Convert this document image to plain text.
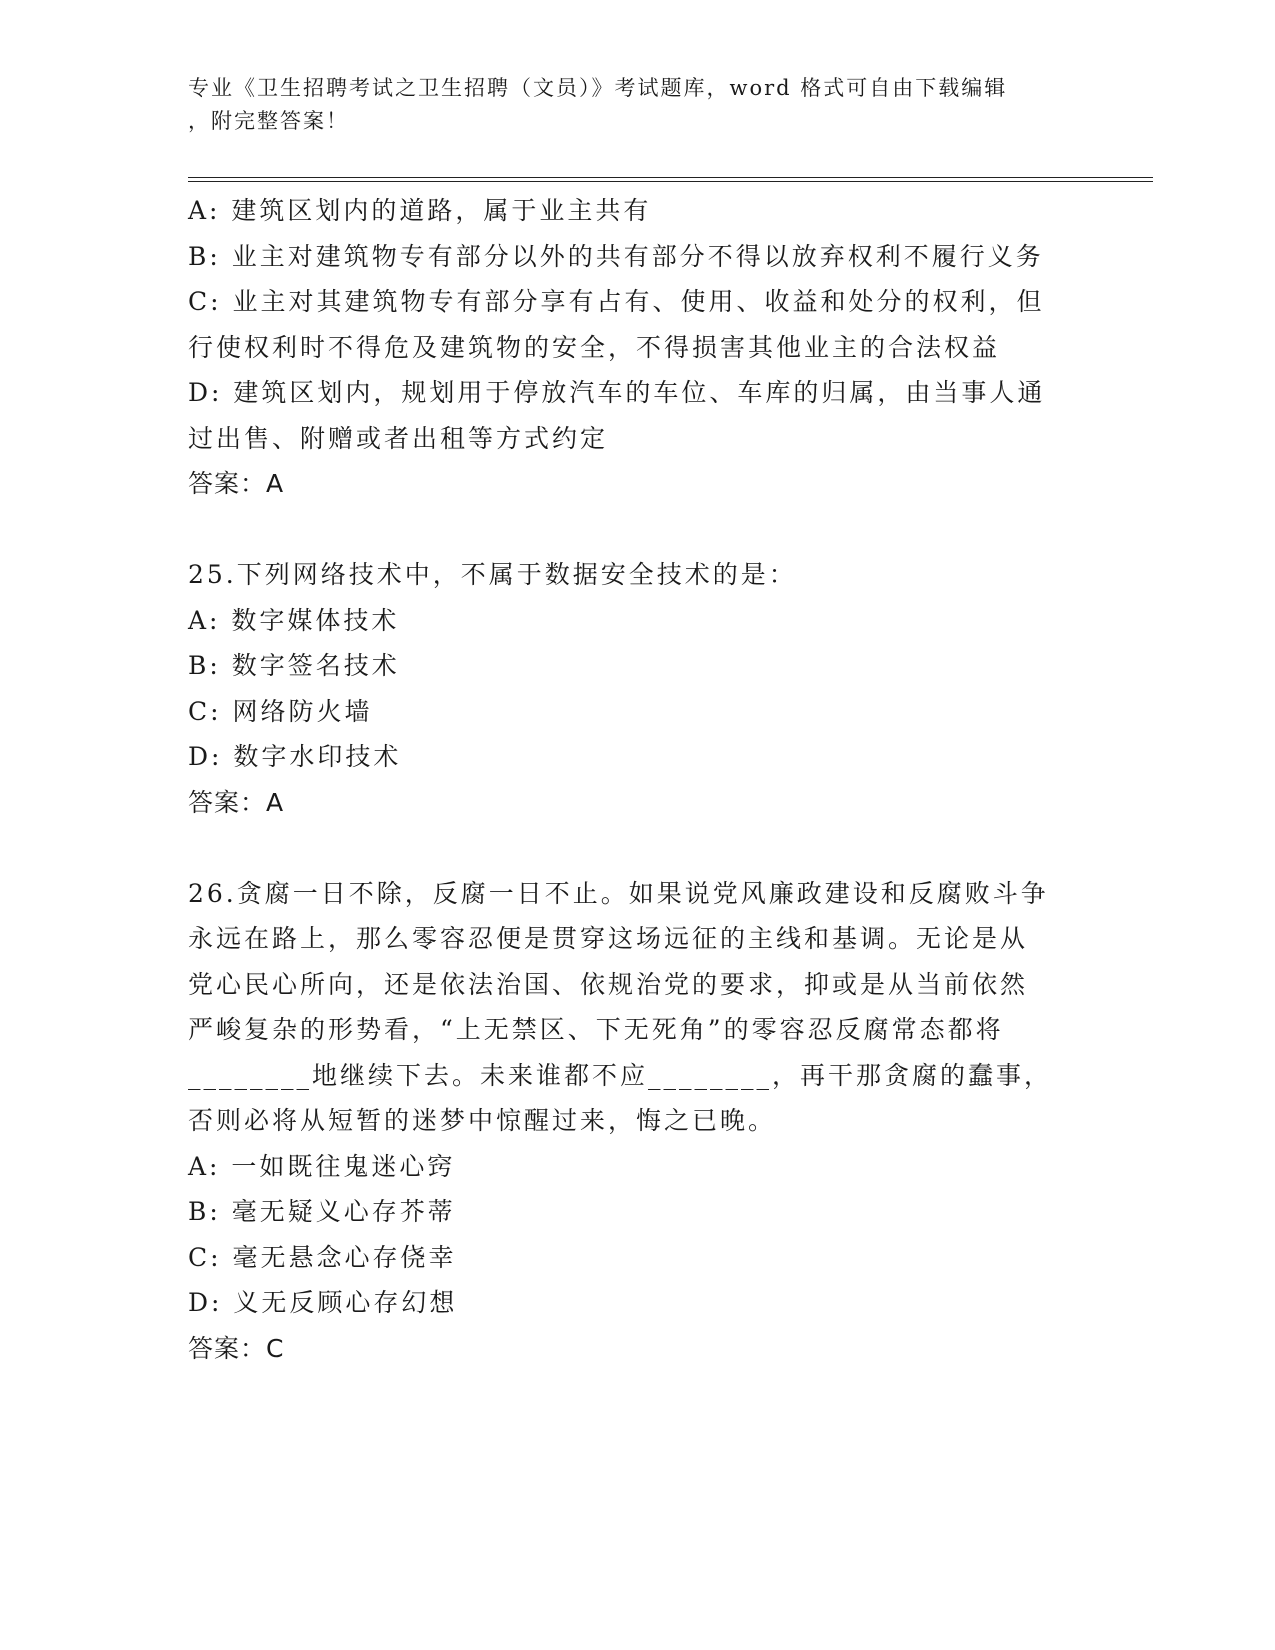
专业《卫生招聘考试之卫生招聘（文员）》考试题库，word 格式可自由下载编辑
，附完整答案！
A: 建筑区划内的道路，属于业主共有
B: 业主对建筑物专有部分以外的共有部分不得以放弃权利不履行义务
C: 业主对其建筑物专有部分享有占有、使用、收益和处分的权利，但
行使权利时不得危及建筑物的安全，不得损害其他业主的合法权益
D: 建筑区划内，规划用于停放汽车的车位、车库的归属，由当事人通
过出售、附赠或者出租等方式约定
答案：A
25.下列网络技术中，不属于数据安全技术的是：
A: 数字媒体技术
B: 数字签名技术
C: 网络防火墙
D: 数字水印技术
答案：A
26.贪腐一日不除，反腐一日不止。如果说党风廉政建设和反腐败斗争
永远在路上，那么零容忍便是贯穿这场远征的主线和基调。无论是从
党心民心所向，还是依法治国、依规治党的要求，抑或是从当前依然
严峻复杂的形势看，“上无禁区、下无死角”的零容忍反腐常态都将
________地继续下去。未来谁都不应________，再干那贪腐的蠢事，
否则必将从短暂的迷梦中惊醒过来，悔之已晚。
A: 一如既往鬼迷心窍
B: 毫无疑义心存芥蒂
C: 毫无悬念心存侥幸
D: 义无反顾心存幻想
答案：C
